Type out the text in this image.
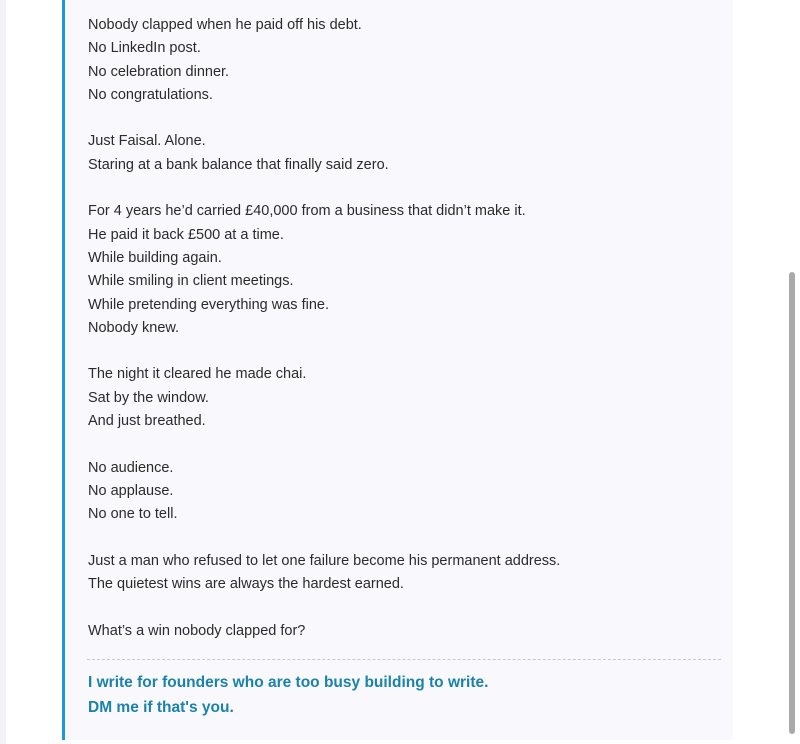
Nobody clapped when he paid off his debt.
No LinkedIn post.
No celebration dinner.
No congratulations.
Just Faisal. Alone.
Staring at a bank balance that finally said zero.
For 4 years he’d carried £40,000 from a business that didn’t make it.
He paid it back £500 at a time.
While building again.
While smiling in client meetings.
While pretending everything was fine.
Nobody knew.
The night it cleared he made chai.
Sat by the window.
And just breathed.
No audience.
No applause.
No one to tell.
Just a man who refused to let one failure become his permanent address.
The quietest wins are always the hardest earned.
What’s a win nobody clapped for?
I write for founders who are too busy building to write.
DM me if that's you.
